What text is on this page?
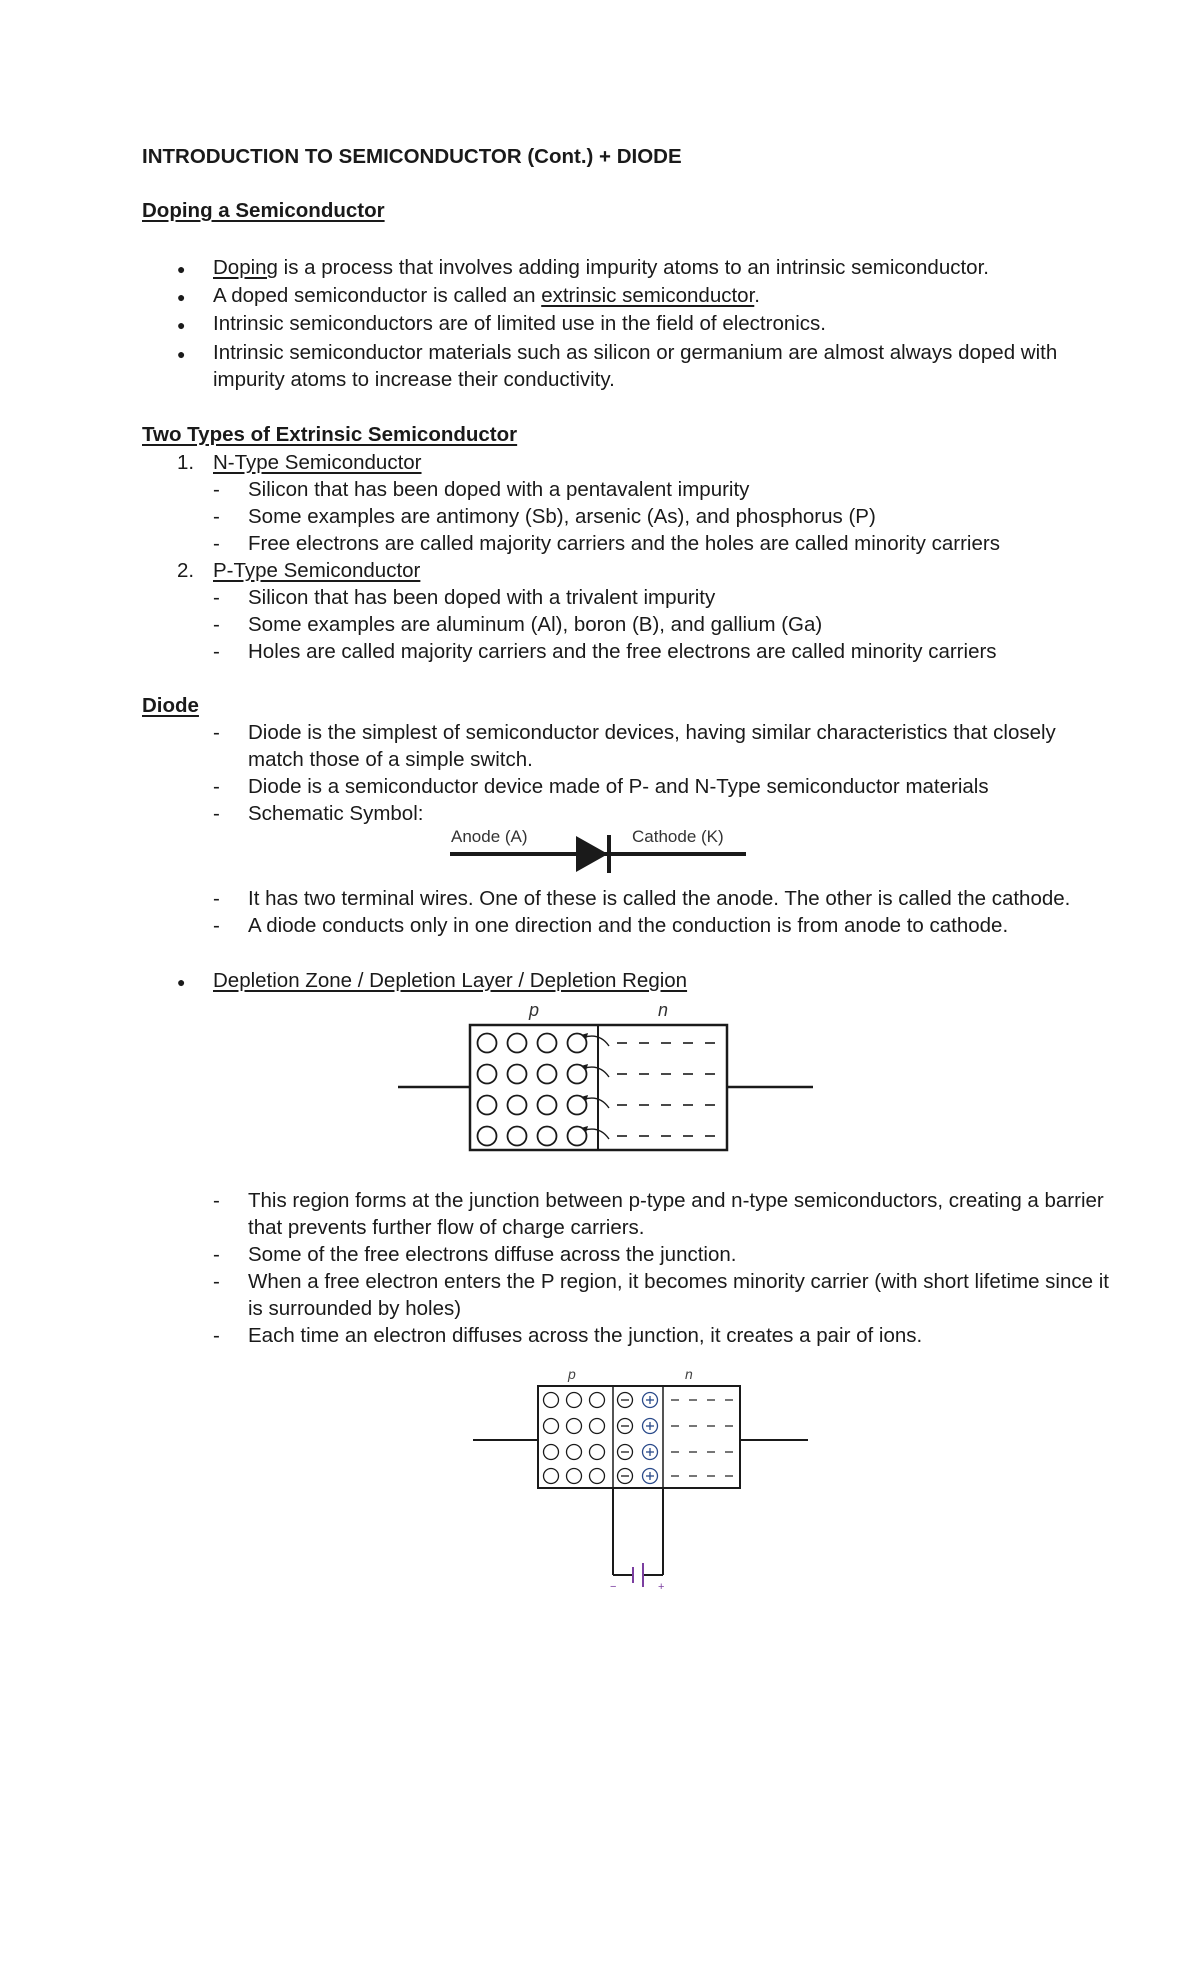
INTRODUCTION TO SEMICONDUCTOR (Cont.) + DIODE
Doping a Semiconductor
● Doping is a process that involves adding impurity atoms to an intrinsic semiconductor.
● A doped semiconductor is called an extrinsic semiconductor.
● Intrinsic semiconductors are of limited use in the field of electronics.
● Intrinsic semiconductor materials such as silicon or germanium are almost always doped with
impurity atoms to increase their conductivity.
Two Types of Extrinsic Semiconductor
1. N-Type Semiconductor
- Silicon that has been doped with a pentavalent impurity
- Some examples are antimony (Sb), arsenic (As), and phosphorus (P)
- Free electrons are called majority carriers and the holes are called minority carriers
2. P-Type Semiconductor
- Silicon that has been doped with a trivalent impurity
- Some examples are aluminum (Al), boron (B), and gallium (Ga)
- Holes are called majority carriers and the free electrons are called minority carriers
Diode
- Diode is the simplest of semiconductor devices, having similar characteristics that closely
match those of a simple switch.
- Diode is a semiconductor device made of P- and N-Type semiconductor materials
- Schematic Symbol:
Anode (A)	Cathode (K)
- It has two terminal wires. One of these is called the anode. The other is called the cathode.
- A diode conducts only in one direction and the conduction is from anode to cathode.
● Depletion Zone / Depletion Layer / Depletion Region
p	n
- This region forms at the junction between p-type and n-type semiconductors, creating a barrier
that prevents further flow of charge carriers.
- Some of the free electrons diffuse across the junction.
- When a free electron enters the P region, it becomes minority carrier (with short lifetime since it
is surrounded by holes)
- Each time an electron diffuses across the junction, it creates a pair of ions.
p	n
−	+
